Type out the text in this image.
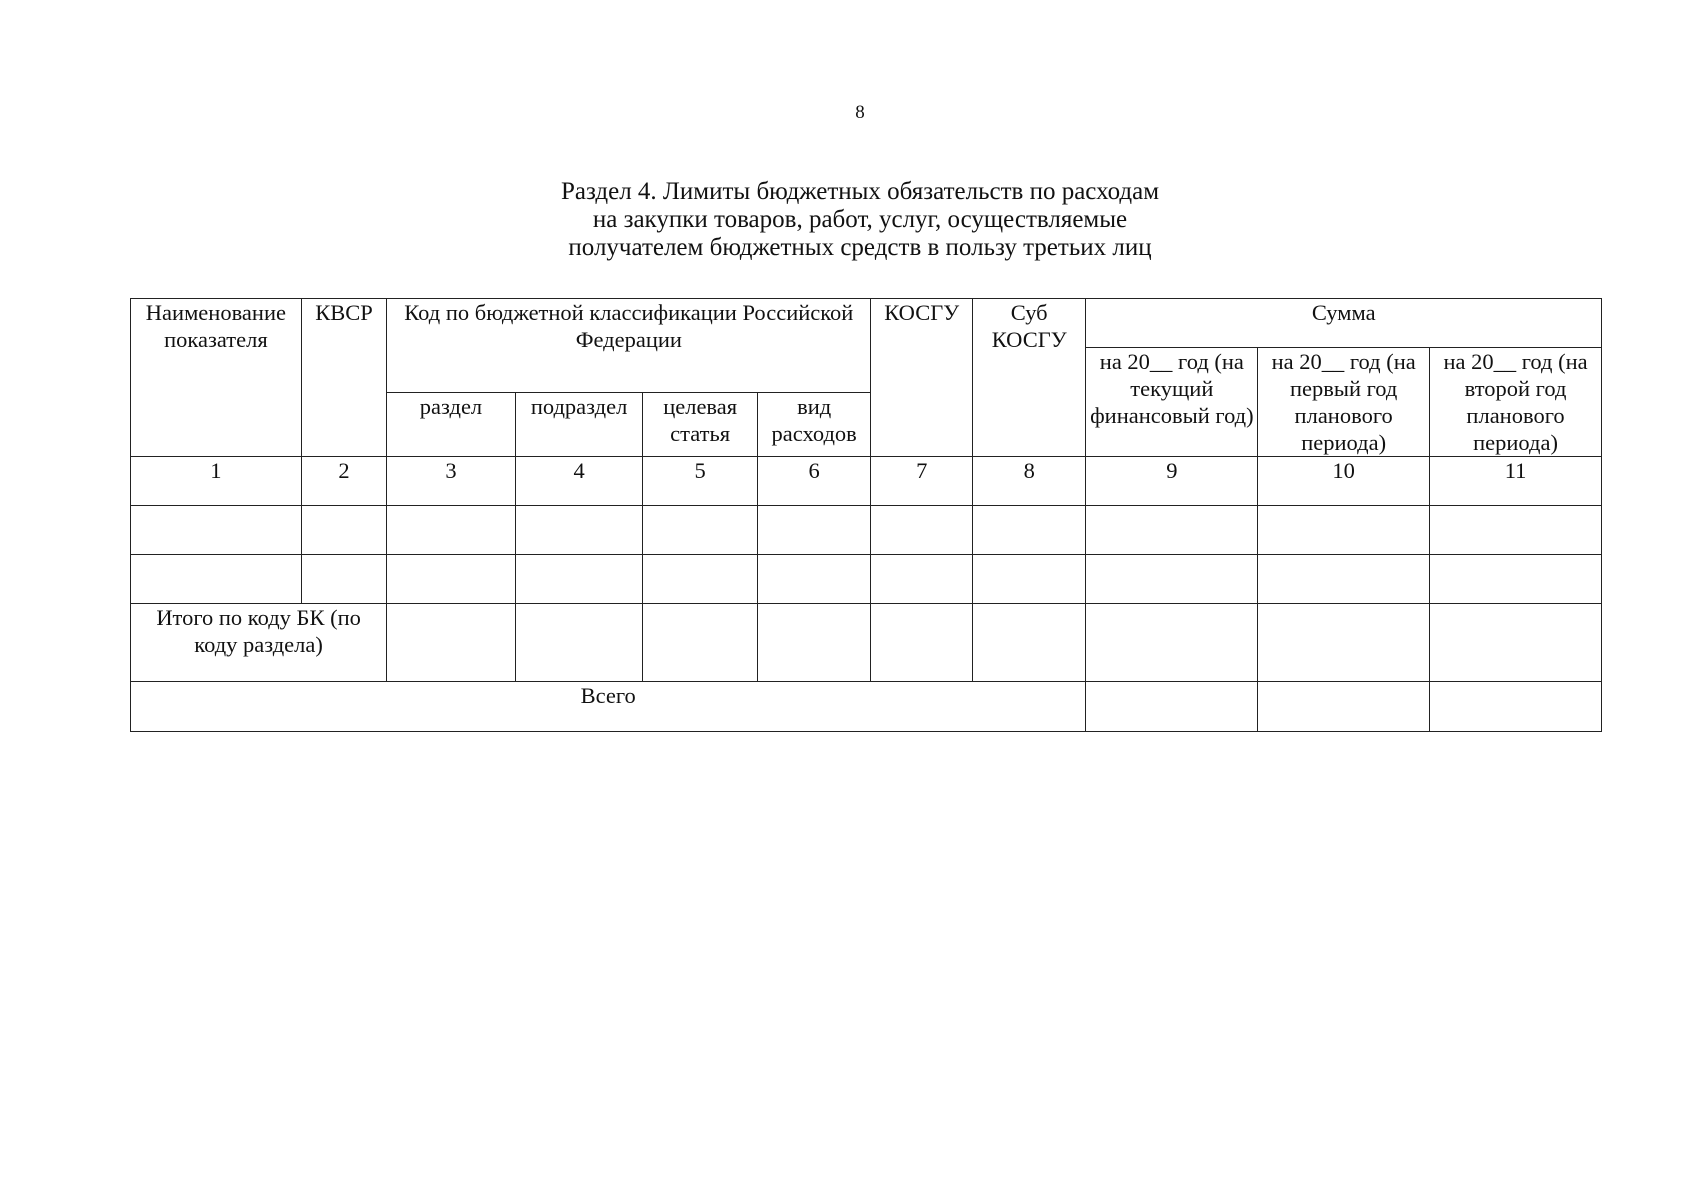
8
Раздел 4. Лимиты бюджетных обязательств по расходам
на закупки товаров, работ, услуг, осуществляемые
получателем бюджетных средств в пользу третьих лиц
Наименование показателя	КВСР	Код по бюджетной классификации Российской Федерации				КОСГУ	Суб КОСГУ	Сумма		
								на 20__ год (на текущий финансовый год)	на 20__ год (на первый год планового периода)	на 20__ год (на второй год планового периода)
		раздел	подраздел	целевая статья	вид расходов					
1	2	3	4	5	6	7	8	9	10	11

Итого по коду БК (по коду раздела)										
Всего										
